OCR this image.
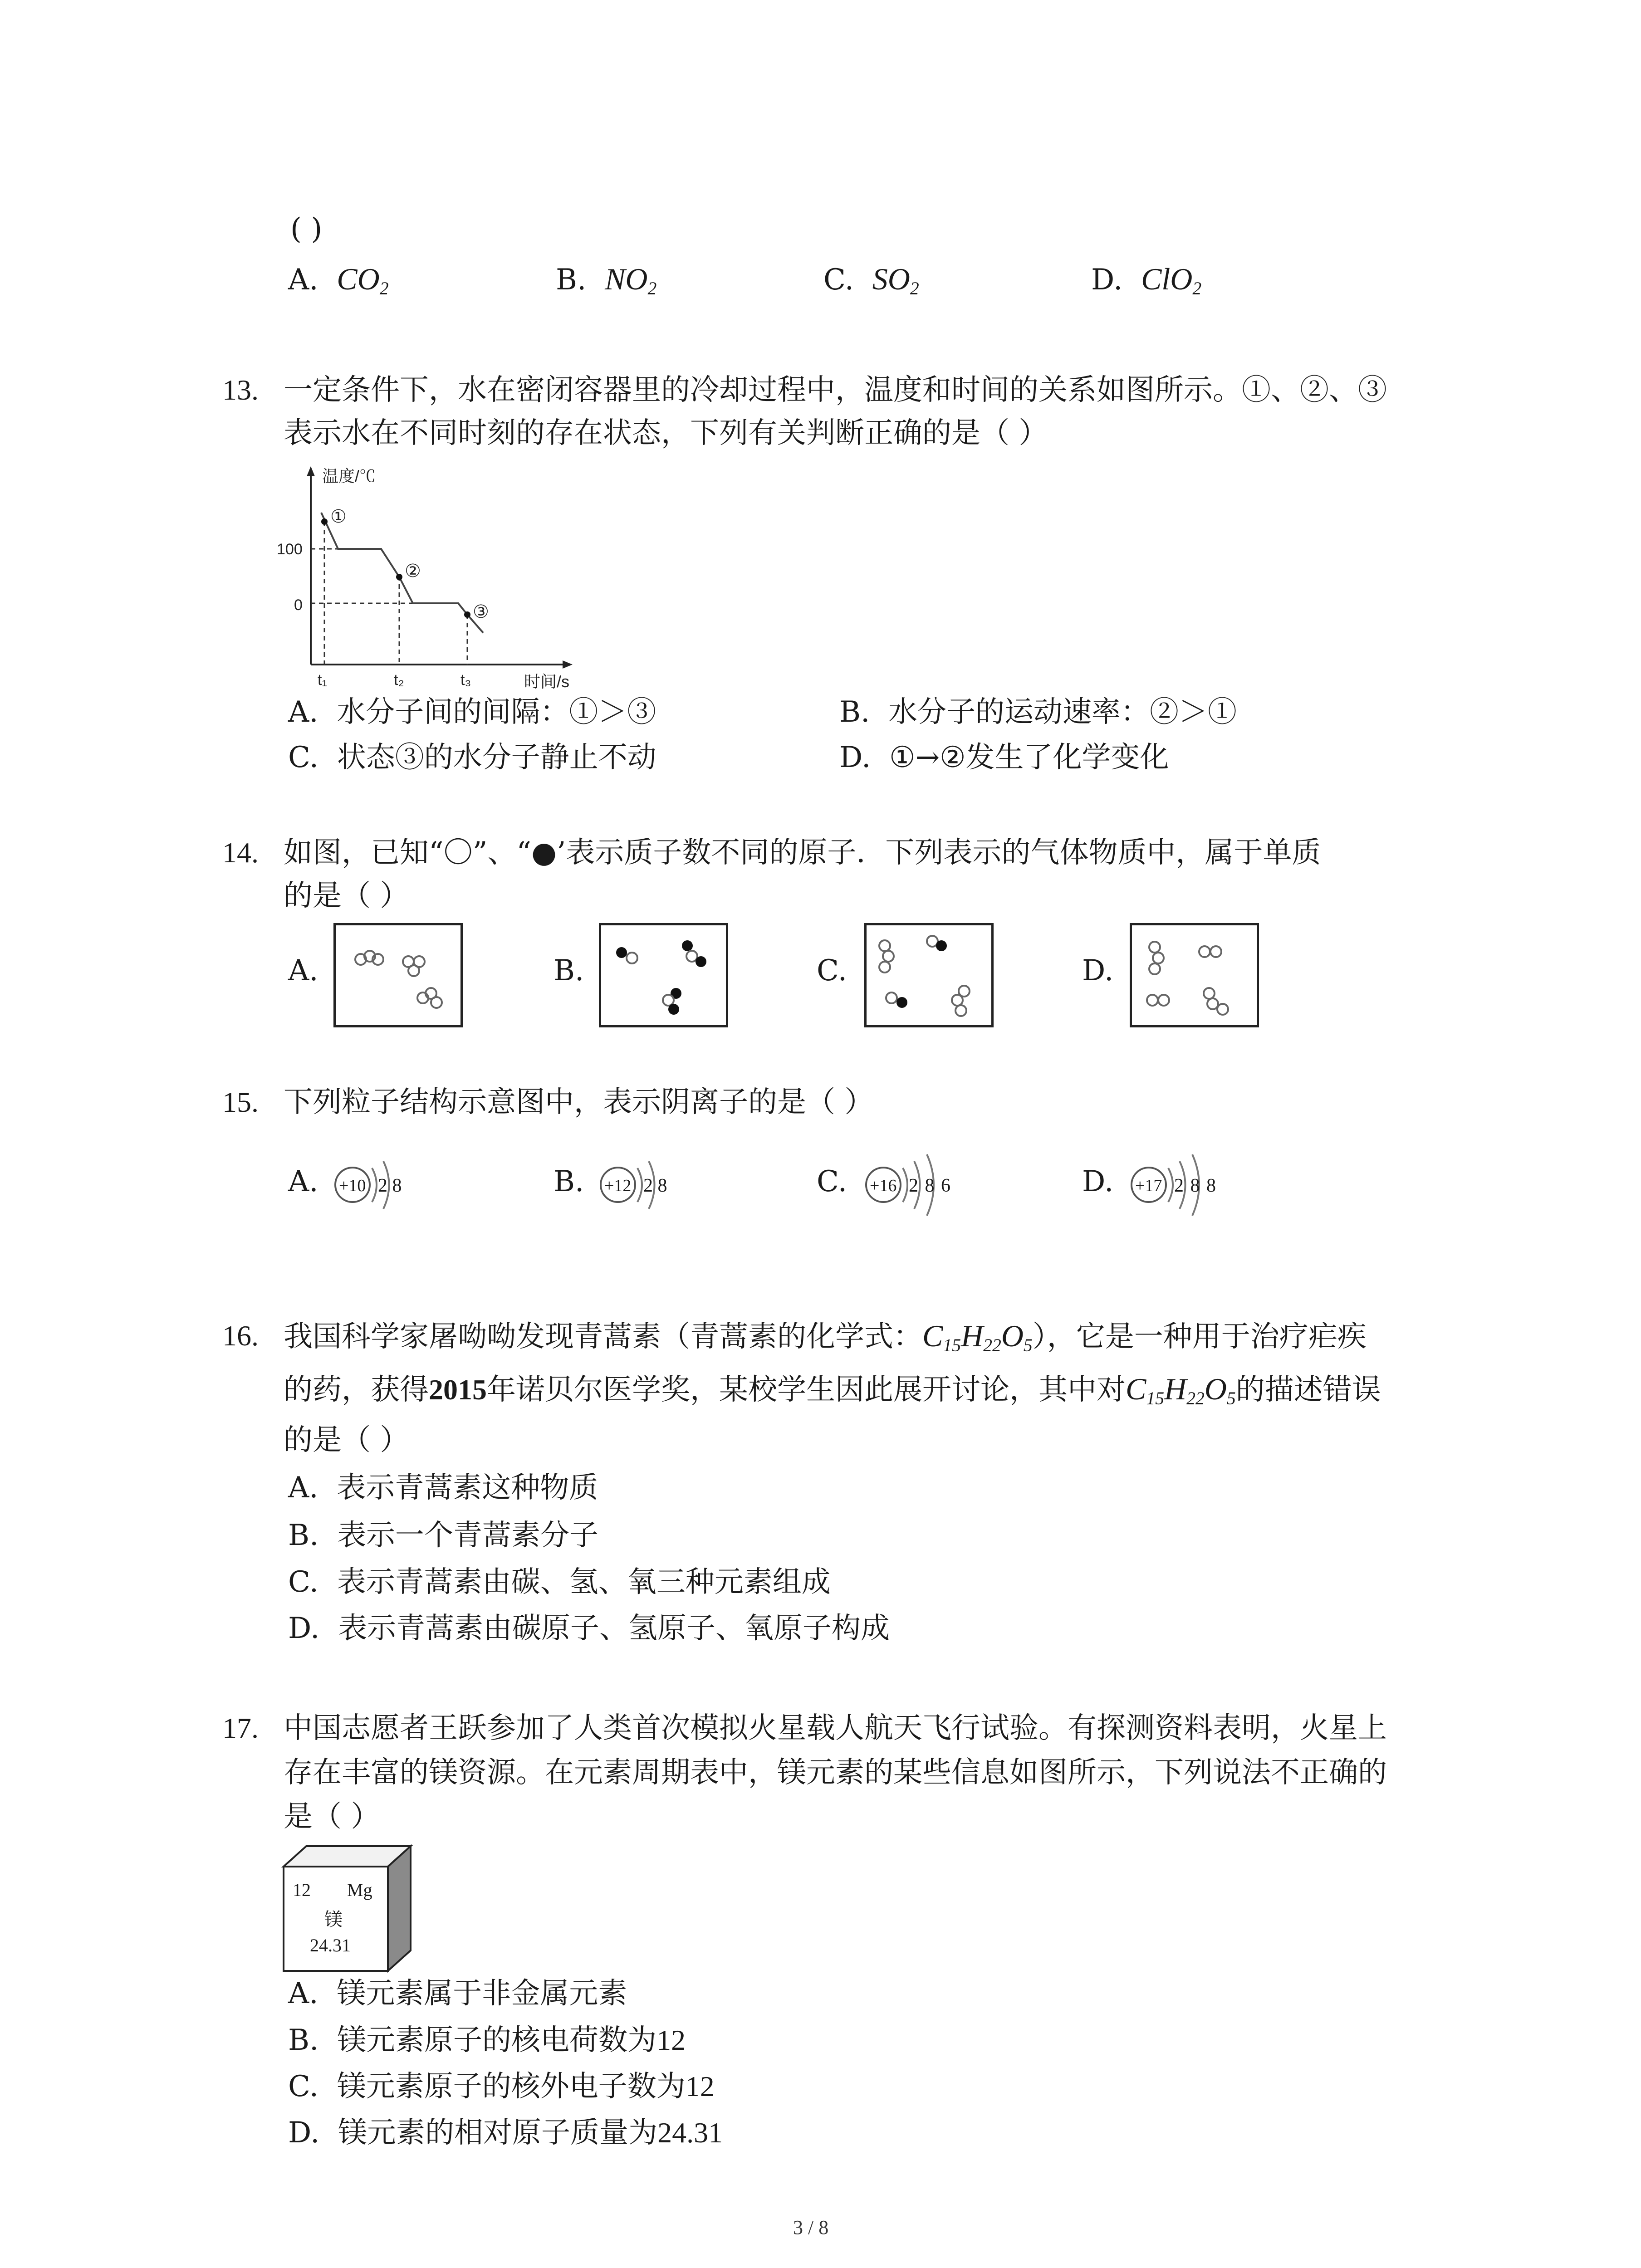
( )
A. $CO_2$	B. $NO_2$	C. $SO_2$	D. ClO$_2$
13. 一定条件下，水在密闭容器里的冷却过程中，温度和时间的关系如图所示。①、②、③
表示水在不同时刻的存在状态，下列有关判断正确的是（ ）
温度/℃
时间/s
100
0
t₁	t₂	t₃
①
②
③
A. 水分子间的间隔：①＞③	B. 水分子的运动速率：②＞①
C. 状态③的水分子静止不动	D. ①→②发生了化学变化
14. 如图，已知“〇”、“●’表示质子数不同的原子．下列表示的气体物质中，属于单质
的是（ ）
A.	B.	C.	D.
15. 下列粒子结构示意图中，表示阴离子的是（ ）
A. +10 2 8	B. +12 2 8	C. +16 2 8 6	D. +17 2 8 8
16. 我国科学家屠呦呦发现青蒿素（青蒿素的化学式：$C_{15}H_{22}O_5$），它是一种用于治疗疟疾
的药，获得2015年诺贝尔医学奖，某校学生因此展开讨论，其中对$C_{15}H_{22}O_5$的描述错误
的是（ ）
A. 表示青蒿素这种物质
B. 表示一个青蒿素分子
C. 表示青蒿素由碳、氢、氧三种元素组成
D. 表示青蒿素由碳原子、氢原子、氧原子构成
17. 中国志愿者王跃参加了人类首次模拟火星载人航天飞行试验。有探测资料表明，火星上
存在丰富的镁资源。在元素周期表中，镁元素的某些信息如图所示，下列说法不正确的
是（ ）
12 Mg
镁
24.31
A. 镁元素属于非金属元素
B. 镁元素原子的核电荷数为12
C. 镁元素原子的核外电子数为12
D. 镁元素的相对原子质量为24.31
3 / 8
